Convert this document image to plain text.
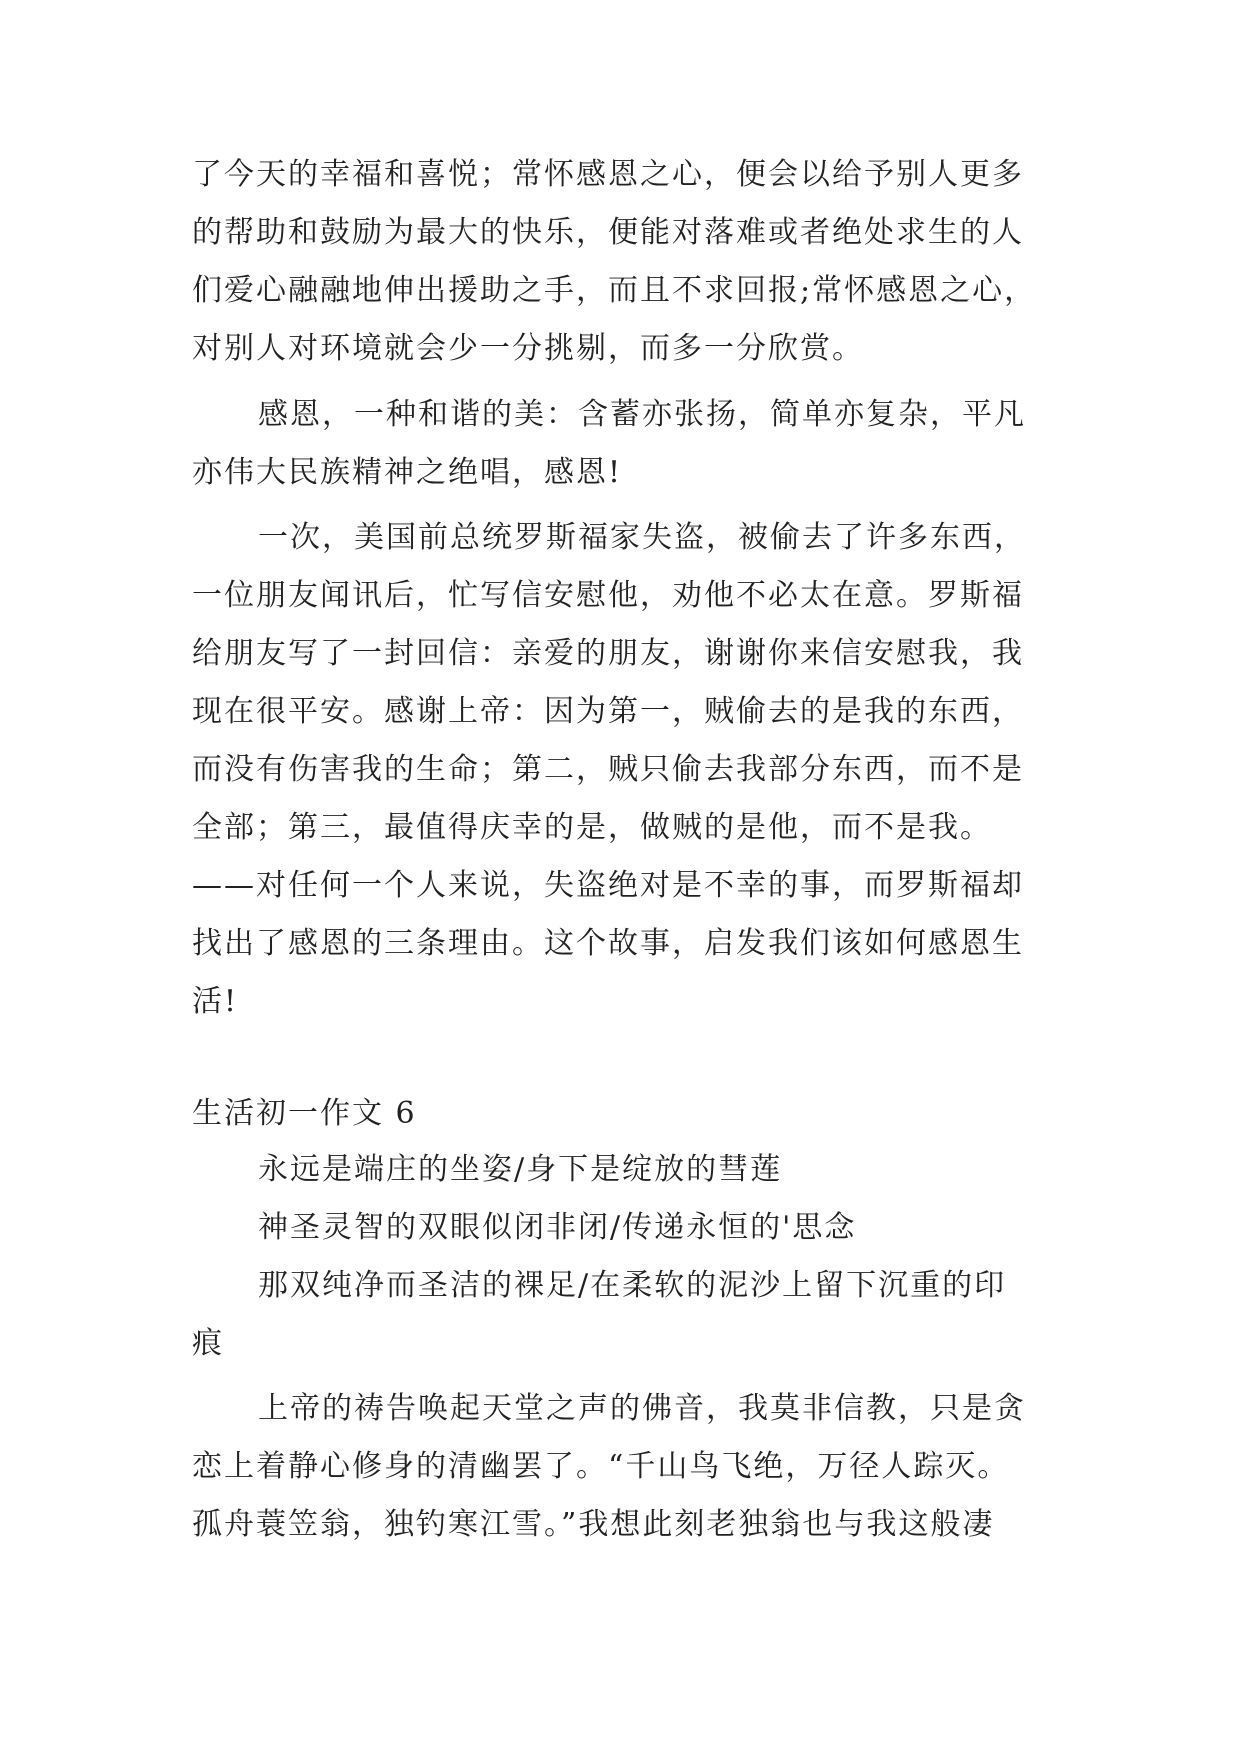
了今天的幸福和喜悦；常怀感恩之心，便会以给予别人更多
的帮助和鼓励为最大的快乐，便能对落难或者绝处求生的人
们爱心融融地伸出援助之手，而且不求回报;常怀感恩之心，
对别人对环境就会少一分挑剔，而多一分欣赏。
感恩，一种和谐的美：含蓄亦张扬，简单亦复杂，平凡
亦伟大民族精神之绝唱，感恩!
一次，美国前总统罗斯福家失盗，被偷去了许多东西，
一位朋友闻讯后，忙写信安慰他，劝他不必太在意。罗斯福
给朋友写了一封回信：亲爱的朋友，谢谢你来信安慰我，我
现在很平安。感谢上帝：因为第一，贼偷去的是我的东西，
而没有伤害我的生命；第二，贼只偷去我部分东西，而不是
全部；第三，最值得庆幸的是，做贼的是他，而不是我。
——对任何一个人来说，失盗绝对是不幸的事，而罗斯福却
找出了感恩的三条理由。这个故事，启发我们该如何感恩生
活!
生活初一作文 6
永远是端庄的坐姿/身下是绽放的彗莲
神圣灵智的双眼似闭非闭/传递永恒的'思念
那双纯净而圣洁的裸足/在柔软的泥沙上留下沉重的印
痕
上帝的祷告唤起天堂之声的佛音，我莫非信教，只是贪
恋上着静心修身的清幽罢了。“千山鸟飞绝，万径人踪灭。
孤舟蓑笠翁，独钓寒江雪。”我想此刻老独翁也与我这般凄
